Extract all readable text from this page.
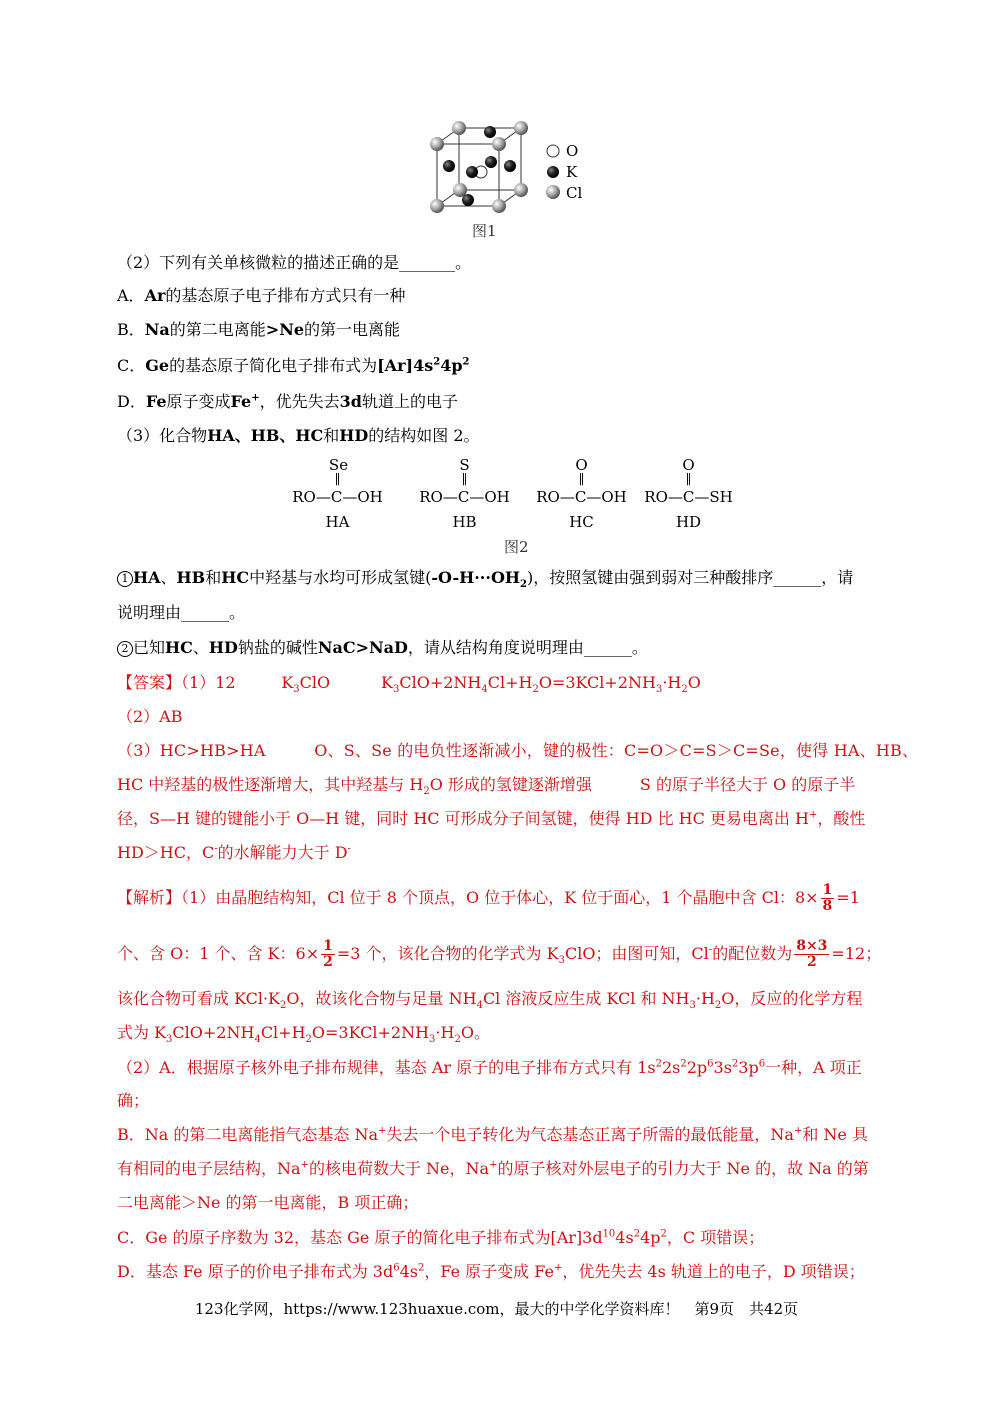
O
K
Cl
图1
（2）下列有关单核微粒的描述正确的是_______。
A．Ar的基态原子电子排布方式只有一种
B．Na的第二电离能>Ne的第一电离能
C．Ge的基态原子简化电子排布式为$[Ar]4s^24p^2$
D．Fe原子变成Fe+，优先失去3d轨道上的电子
（3）化合物HA、HB、HC和HD的结构如图 2。
Se
‖
RO—C—OH
HA
S
‖
RO—C—OH
HB
O
‖
RO—C—OH
HC
O
‖
RO—C—SH
HD
图2
1 HA、HB和HC中羟基与水均可形成氢键$(-O-H\cdot\cdot\cdot OH_2)$，按照氢键由强到弱对三种酸排序______，请
说明理由______。
2 已知HC、HD钠盐的碱性NaC>NaD，请从结构角度说明理由______。
【答案】（1）12	$K_3ClO$	$K_3ClO+2NH_4Cl+H_2O=3KCl+2NH_3\cdot H_2O$
（2）AB
（3）HC>HB>HA　　　O、S、Se 的电负性逐渐减小，键的极性：C=O＞C=S＞C=Se，使得 HA、HB、
HC 中羟基的极性逐渐增大，其中羟基与 $H_2O$ 形成的氢键逐渐增强　　　S 的原子半径大于 O 的原子半
径，S—H 键的键能小于 O—H 键，同时 HC 可形成分子间氢键，使得 HD 比 HC 更易电离出 H+，酸性
HD＞HC，C-的水解能力大于 D-
【解析】（1）由晶胞结构知，Cl 位于 8 个顶点，O 位于体心，K 位于面心，1 个晶胞中含 Cl：$8\times \frac{1}{8} =1$
个、含 O：1 个、含 K：$6\times \frac{1}{2} =3$ 个，该化合物的化学式为 $K_3ClO$；由图可知，Cl-的配位数为 $\frac{8\times 3}{2} =12$；
该化合物可看成 $KCl\cdot K_2O$，故该化合物与足量 $NH_4Cl$ 溶液反应生成 KCl 和 $NH_3\cdot H_2O$，反应的化学方程
式为 $K_3ClO+2NH_4Cl+H_2O=3KCl+2NH_3\cdot H_2O$。
（2）A．根据原子核外电子排布规律，基态 Ar 原子的电子排布方式只有 $1s^22s^22p^63s^23p^6$一种，A 项正
确；
B．Na 的第二电离能指气态基态 Na+失去一个电子转化为气态基态正离子所需的最低能量，Na+和 Ne 具
有相同的电子层结构，Na+的核电荷数大于 Ne，Na+的原子核对外层电子的引力大于 Ne 的，故 Na 的第
二电离能＞Ne 的第一电离能，B 项正确；
C．Ge 的原子序数为 32，基态 Ge 原子的简化电子排布式为$[Ar]3d^{10}4s^24p^2$，C 项错误；
D．基态 Fe 原子的价电子排布式为 $3d^64s^2$，Fe 原子变成 Fe+，优先失去 4s 轨道上的电子，D 项错误；
123化学网，https://www.123huaxue.com，最大的中学化学资料库！　第9页　共42页
